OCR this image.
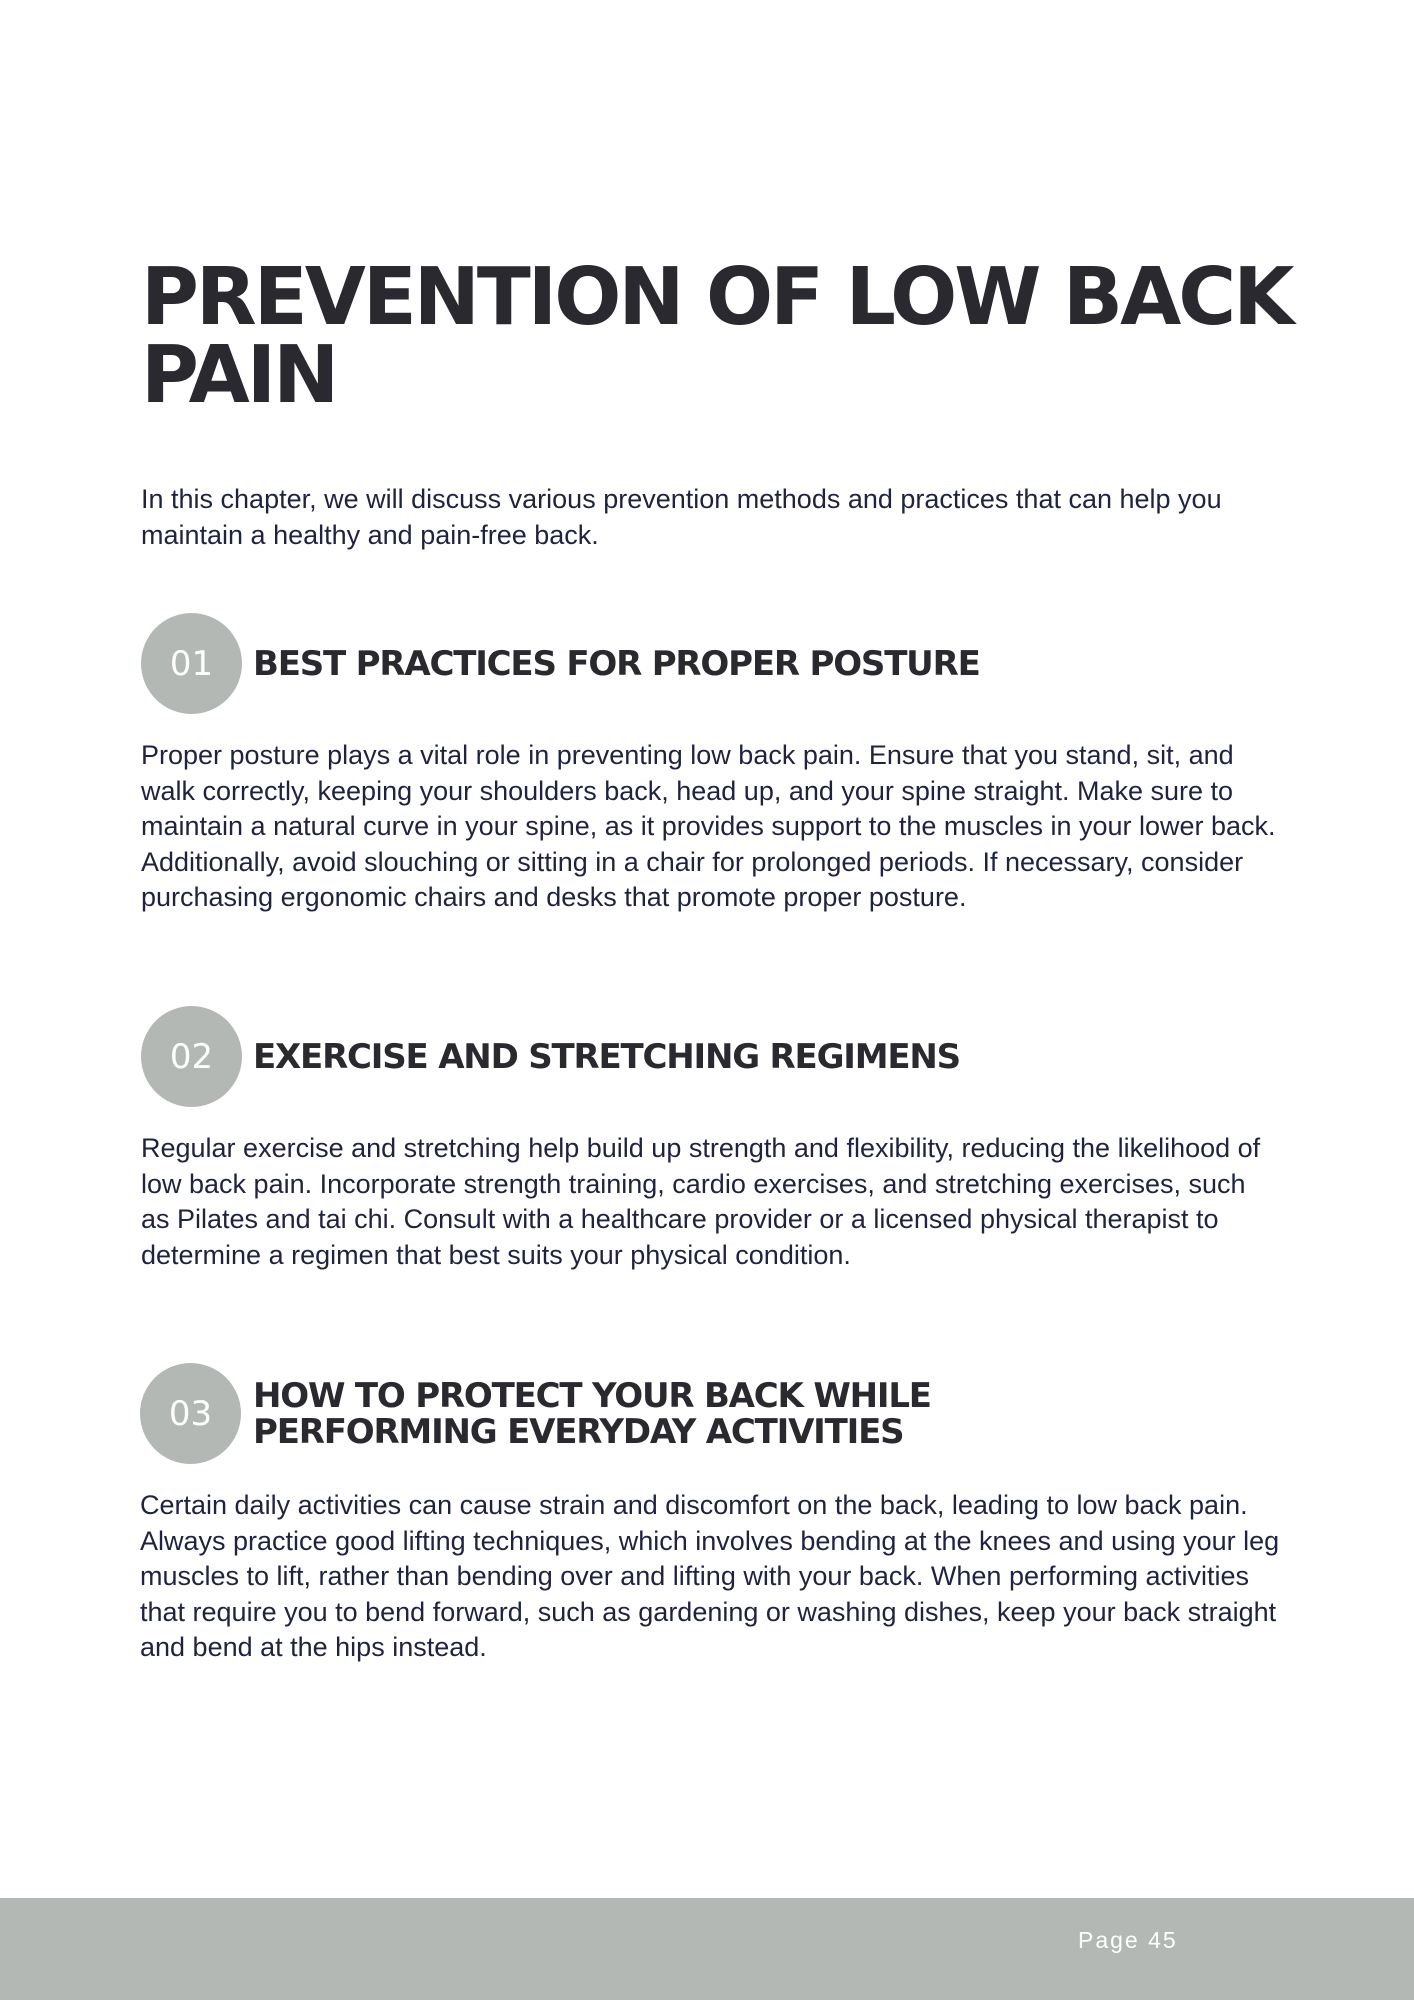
PREVENTION OF LOW BACK PAIN

In this chapter, we will discuss various prevention methods and practices that can help you maintain a healthy and pain-free back.

01	BEST PRACTICES FOR PROPER POSTURE

Proper posture plays a vital role in preventing low back pain. Ensure that you stand, sit, and walk correctly, keeping your shoulders back, head up, and your spine straight. Make sure to maintain a natural curve in your spine, as it provides support to the muscles in your lower back. Additionally, avoid slouching or sitting in a chair for prolonged periods. If necessary, consider purchasing ergonomic chairs and desks that promote proper posture.

02	EXERCISE AND STRETCHING REGIMENS

Regular exercise and stretching help build up strength and flexibility, reducing the likelihood of low back pain. Incorporate strength training, cardio exercises, and stretching exercises, such as Pilates and tai chi. Consult with a healthcare provider or a licensed physical therapist to determine a regimen that best suits your physical condition.

03	HOW TO PROTECT YOUR BACK WHILE PERFORMING EVERYDAY ACTIVITIES

Certain daily activities can cause strain and discomfort on the back, leading to low back pain. Always practice good lifting techniques, which involves bending at the knees and using your leg muscles to lift, rather than bending over and lifting with your back. When performing activities that require you to bend forward, such as gardening or washing dishes, keep your back straight and bend at the hips instead.

Page 45
